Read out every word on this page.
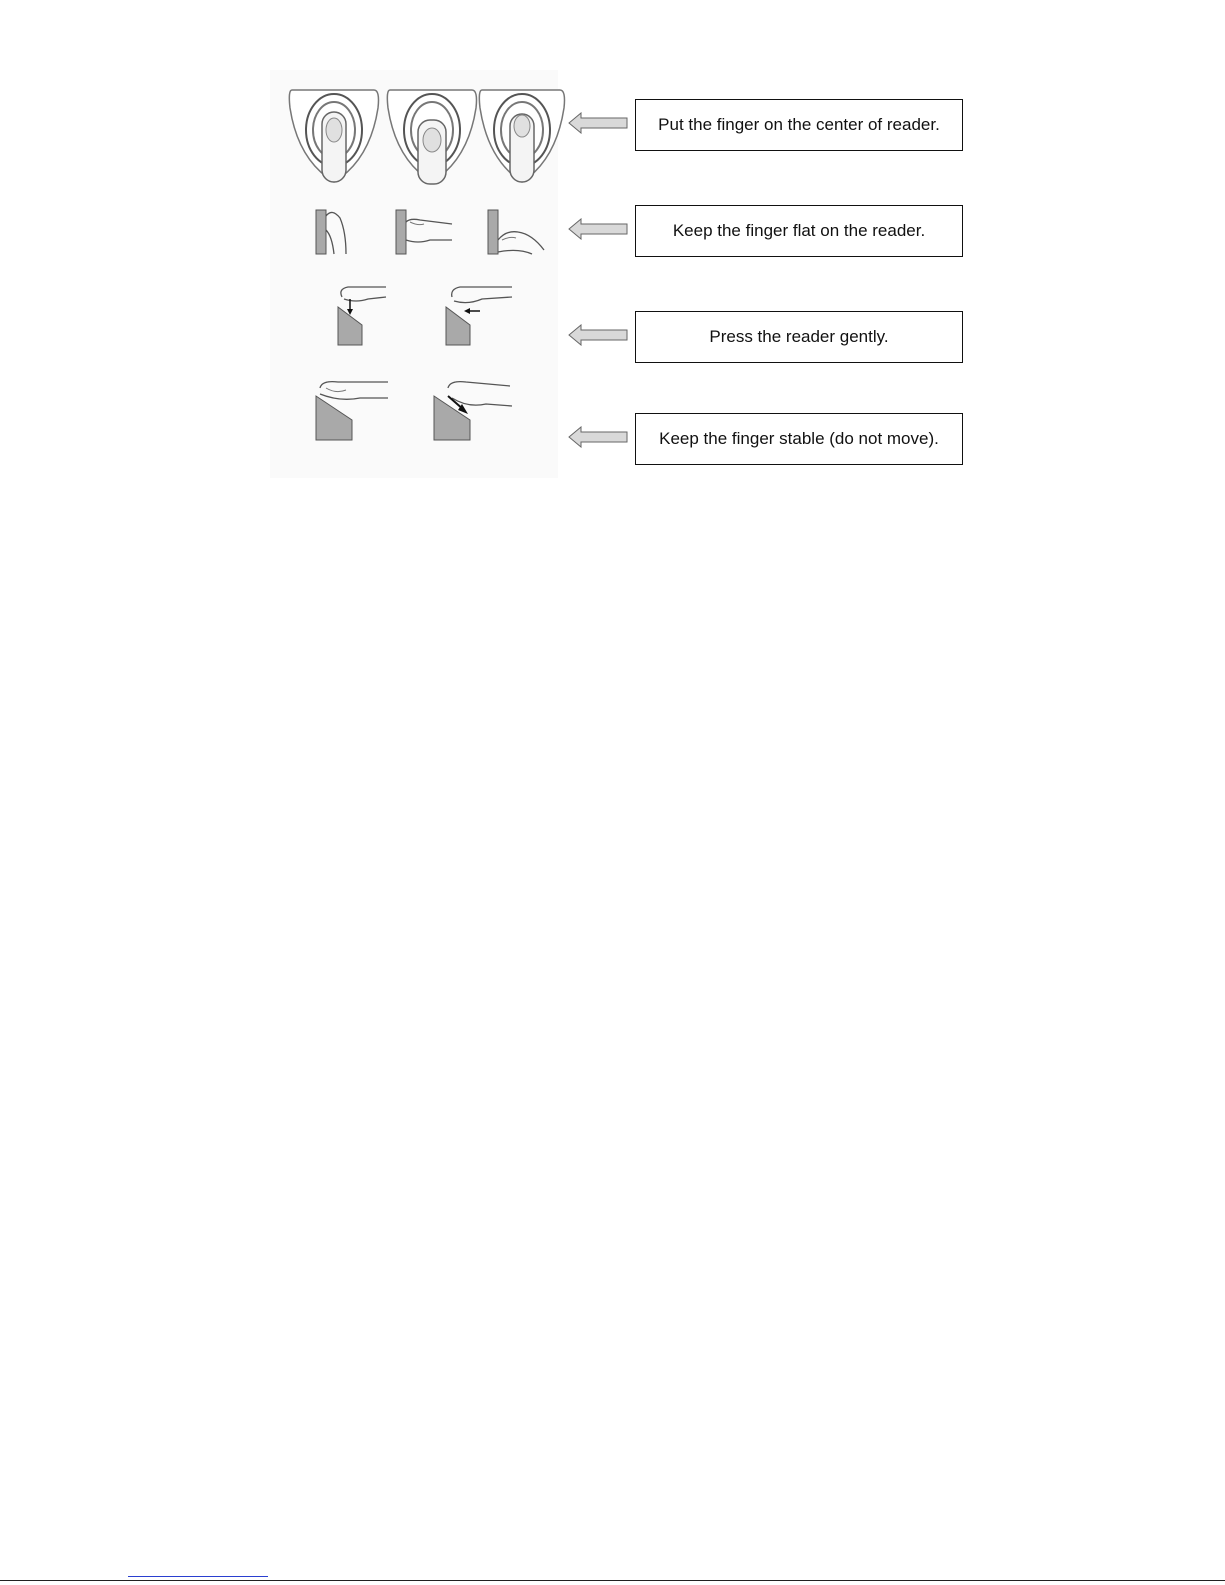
Put the finger on the center of reader.
Keep the finger flat on the reader.
Press the reader gently.
Keep the finger stable (do not move).
